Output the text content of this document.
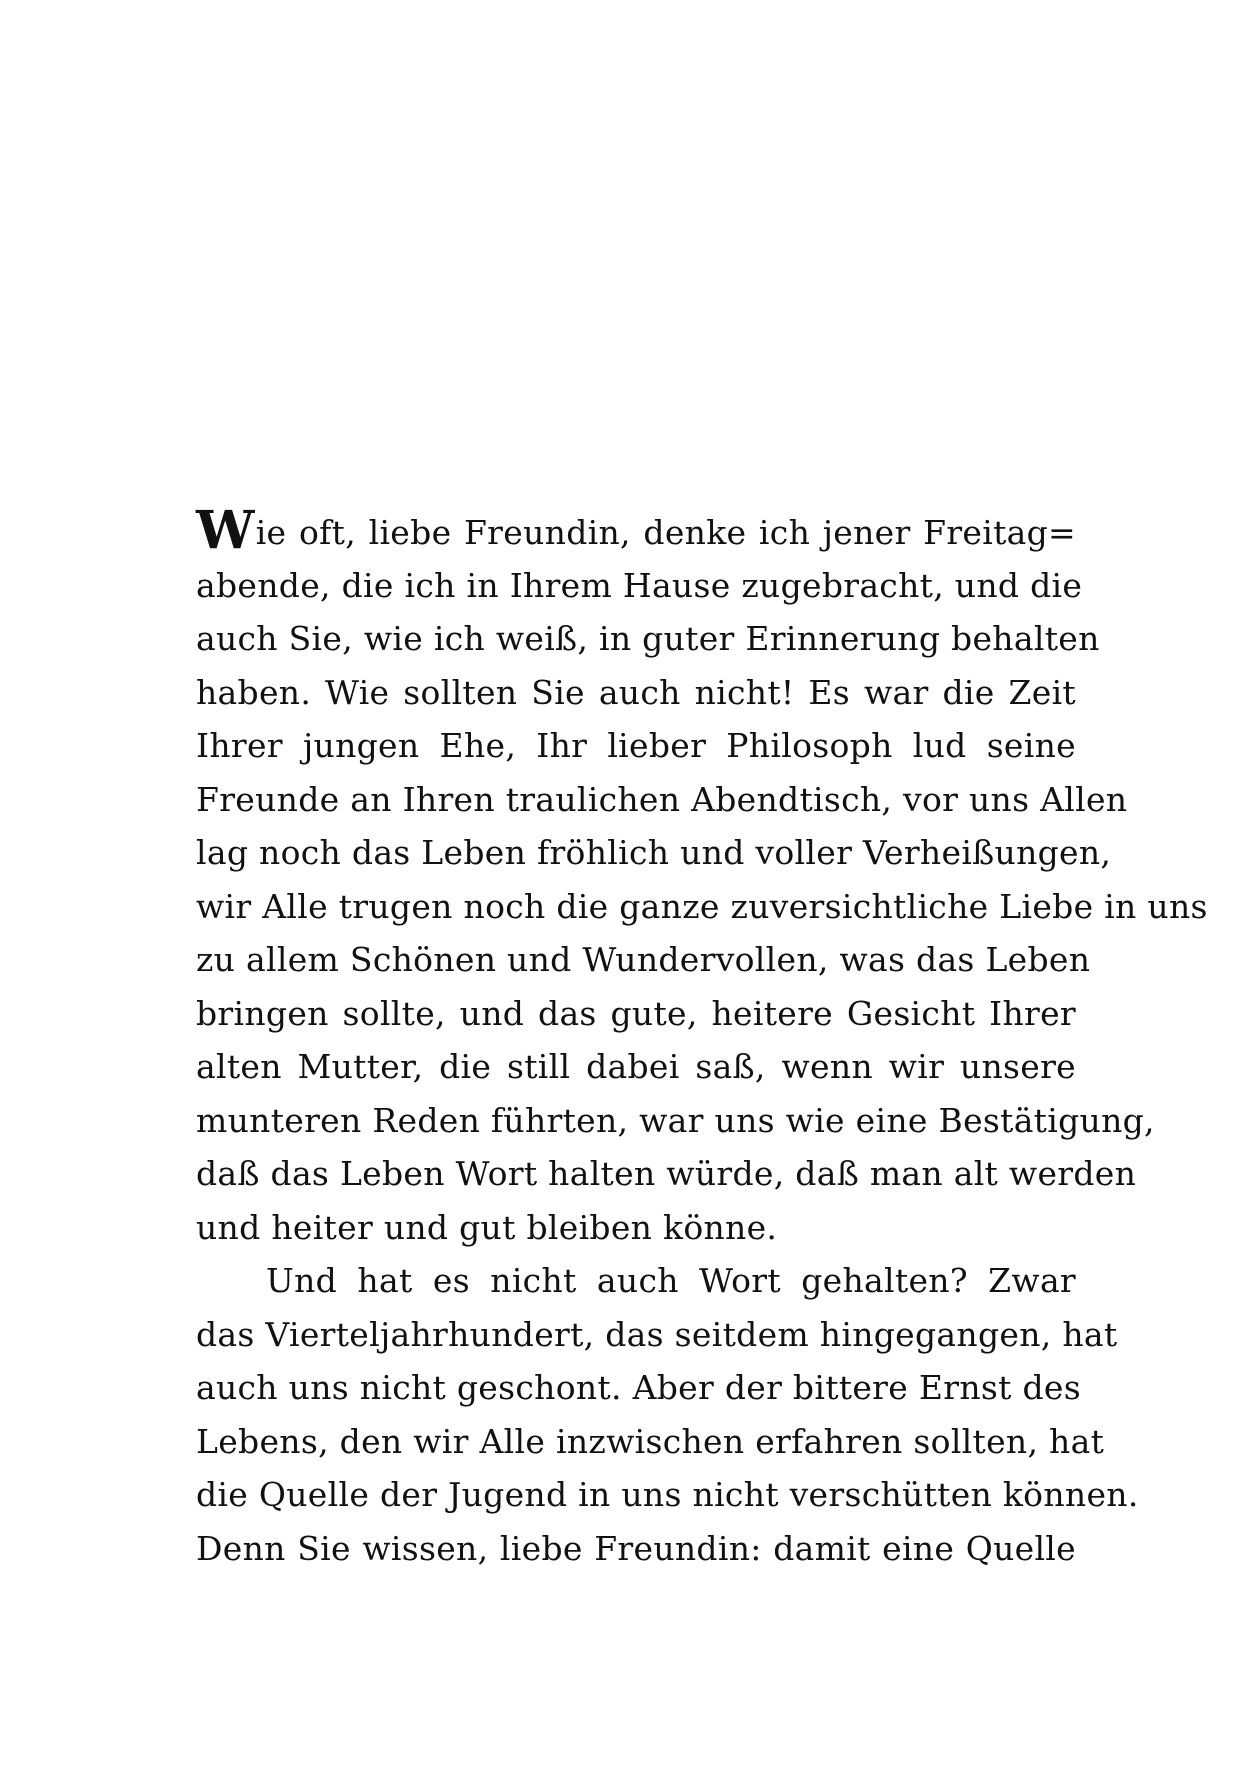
Wie oft, liebe Freundin, denke ich jener Freitag=
abende, die ich in Ihrem Hause zugebracht, und die
auch Sie, wie ich weiß, in guter Erinnerung behalten
haben. Wie sollten Sie auch nicht! Es war die Zeit
Ihrer jungen Ehe, Ihr lieber Philosoph lud seine
Freunde an Ihren traulichen Abendtisch, vor uns Allen
lag noch das Leben fröhlich und voller Verheißungen,
wir Alle trugen noch die ganze zuversichtliche Liebe in uns
zu allem Schönen und Wundervollen, was das Leben
bringen sollte, und das gute, heitere Gesicht Ihrer
alten Mutter, die still dabei saß, wenn wir unsere
munteren Reden führten, war uns wie eine Bestätigung,
daß das Leben Wort halten würde, daß man alt werden
und heiter und gut bleiben könne.
Und hat es nicht auch Wort gehalten? Zwar
das Vierteljahrhundert, das seitdem hingegangen, hat
auch uns nicht geschont. Aber der bittere Ernst des
Lebens, den wir Alle inzwischen erfahren sollten, hat
die Quelle der Jugend in uns nicht verschütten können.
Denn Sie wissen, liebe Freundin: damit eine Quelle
